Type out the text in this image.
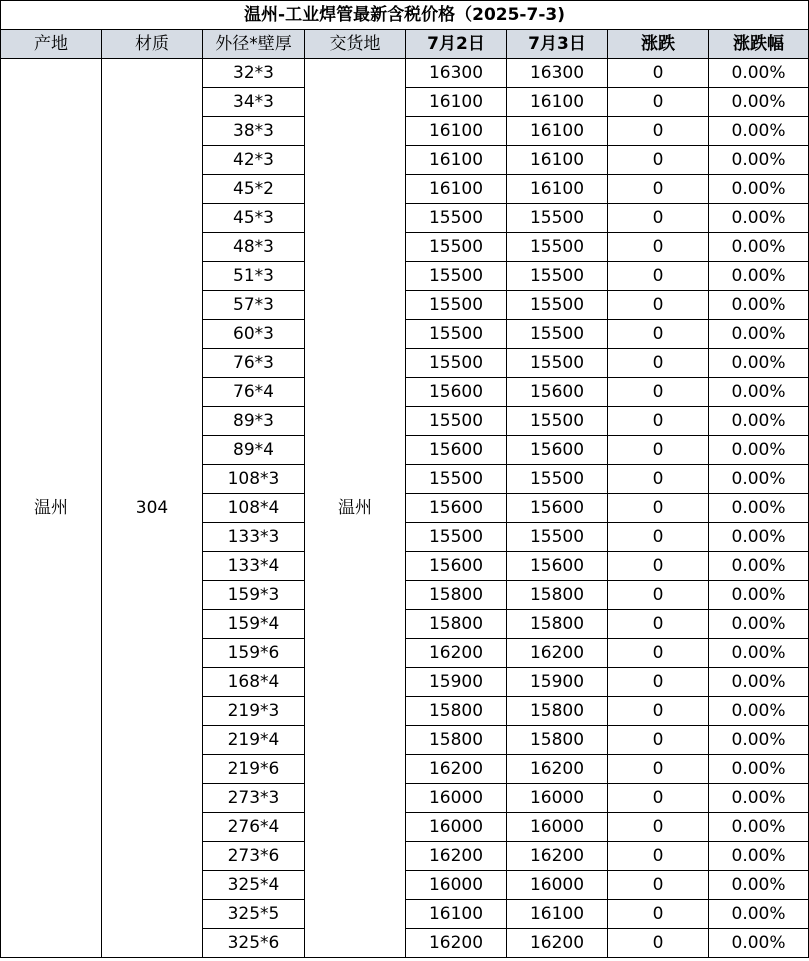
温州-工业焊管最新含税价格（2025-7-3)							
产地	材质	外径*壁厚	交货地	7月2日	7月3日	涨跌	涨跌幅
温州	304	32*3	温州	16300	16300	0	0.00%
		34*3		16100	16100	0	0.00%
		38*3		16100	16100	0	0.00%
		42*3		16100	16100	0	0.00%
		45*2		16100	16100	0	0.00%
		45*3		15500	15500	0	0.00%
		48*3		15500	15500	0	0.00%
		51*3		15500	15500	0	0.00%
		57*3		15500	15500	0	0.00%
		60*3		15500	15500	0	0.00%
		76*3		15500	15500	0	0.00%
		76*4		15600	15600	0	0.00%
		89*3		15500	15500	0	0.00%
		89*4		15600	15600	0	0.00%
		108*3		15500	15500	0	0.00%
		108*4		15600	15600	0	0.00%
		133*3		15500	15500	0	0.00%
		133*4		15600	15600	0	0.00%
		159*3		15800	15800	0	0.00%
		159*4		15800	15800	0	0.00%
		159*6		16200	16200	0	0.00%
		168*4		15900	15900	0	0.00%
		219*3		15800	15800	0	0.00%
		219*4		15800	15800	0	0.00%
		219*6		16200	16200	0	0.00%
		273*3		16000	16000	0	0.00%
		276*4		16000	16000	0	0.00%
		273*6		16200	16200	0	0.00%
		325*4		16000	16000	0	0.00%
		325*5		16100	16100	0	0.00%
		325*6		16200	16200	0	0.00%
